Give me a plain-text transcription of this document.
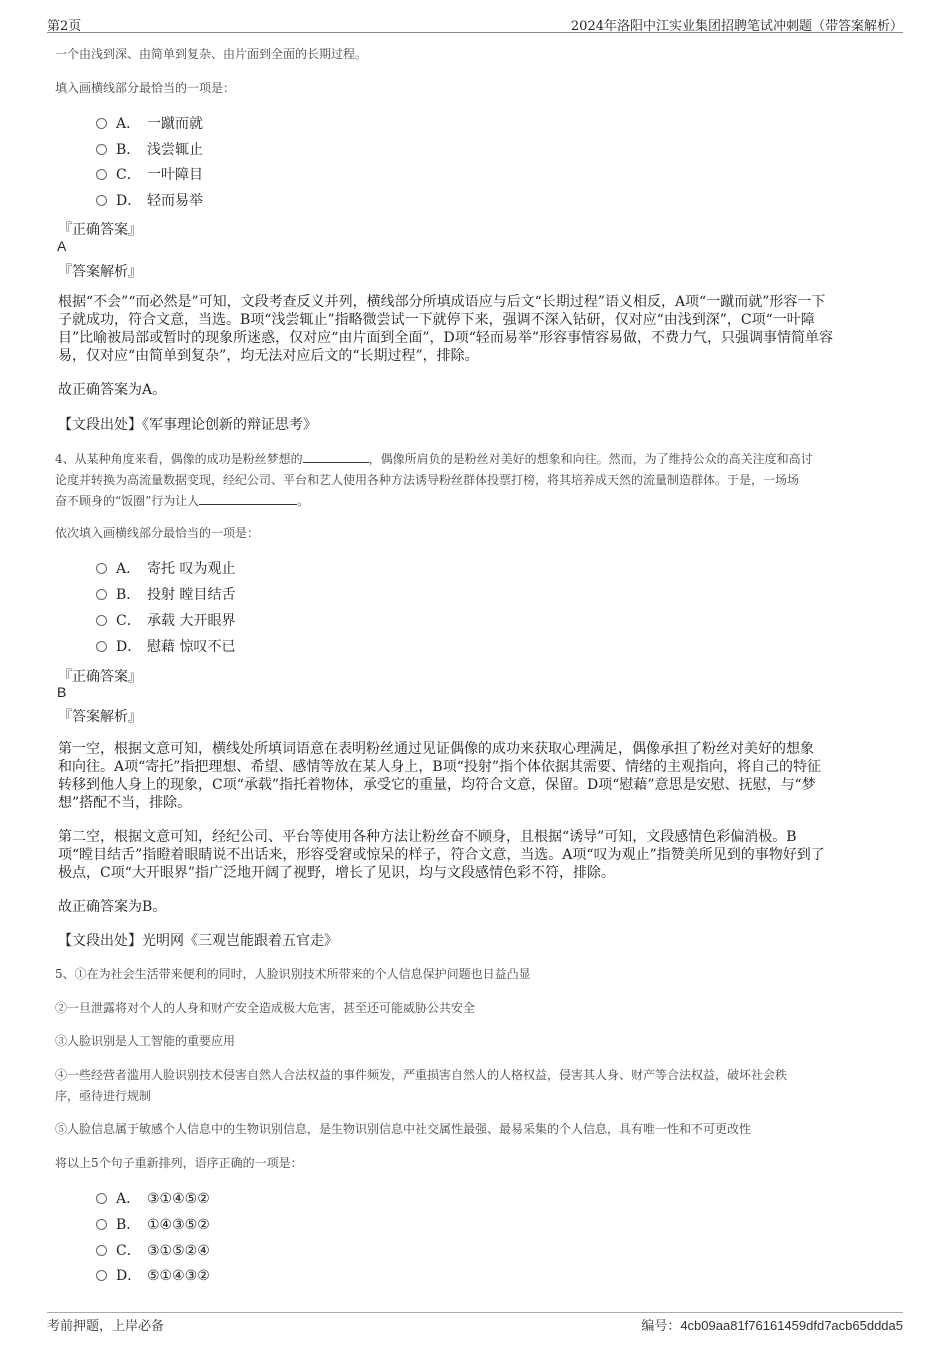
第2页	2024年洛阳中江实业集团招聘笔试冲刺题（带答案解析）
一个由浅到深、由简单到复杂、由片面到全面的长期过程。
填入画横线部分最恰当的一项是：
A． 一蹴而就
B． 浅尝辄止
C． 一叶障目
D． 轻而易举
『正确答案』
A
『答案解析』
根据“不会”“而必然是”可知，文段考查反义并列，横线部分所填成语应与后文“长期过程”语义相反，A项“一蹴而就”形容一下
子就成功，符合文意，当选。B项“浅尝辄止”指略微尝试一下就停下来，强调不深入钻研，仅对应“由浅到深”，C项“一叶障
目”比喻被局部或暂时的现象所迷惑，仅对应“由片面到全面”，D项“轻而易举”形容事情容易做，不费力气，只强调事情简单容
易，仅对应“由简单到复杂”，均无法对应后文的“长期过程”，排除。
故正确答案为A。
【文段出处】《军事理论创新的辩证思考》
4、从某种角度来看，偶像的成功是粉丝梦想的	，偶像所肩负的是粉丝对美好的想象和向往。然而，为了维持公众的高关注度和高讨
论度并转换为高流量数据变现，经纪公司、平台和艺人使用各种方法诱导粉丝群体投票打榜，将其培养成天然的流量制造群体。于是，一场场
奋不顾身的“饭圈”行为让人	。
依次填入画横线部分最恰当的一项是：
A． 寄托 叹为观止
B． 投射 瞠目结舌
C． 承载 大开眼界
D． 慰藉 惊叹不已
『正确答案』
B
『答案解析』
第一空，根据文意可知，横线处所填词语意在表明粉丝通过见证偶像的成功来获取心理满足，偶像承担了粉丝对美好的想象
和向往。A项“寄托”指把理想、希望、感情等放在某人身上，B项“投射”指个体依据其需要、情绪的主观指向，将自己的特征
转移到他人身上的现象，C项“承载”指托着物体，承受它的重量，均符合文意，保留。D项“慰藉”意思是安慰、抚慰，与“梦
想”搭配不当，排除。
第二空，根据文意可知，经纪公司、平台等使用各种方法让粉丝奋不顾身，且根据“诱导”可知，文段感情色彩偏消极。B
项“瞠目结舌”指瞪着眼睛说不出话来，形容受窘或惊呆的样子，符合文意，当选。A项“叹为观止”指赞美所见到的事物好到了
极点，C项“大开眼界”指广泛地开阔了视野，增长了见识，均与文段感情色彩不符，排除。
故正确答案为B。
【文段出处】光明网《三观岂能跟着五官走》
5、①在为社会生活带来便利的同时，人脸识别技术所带来的个人信息保护问题也日益凸显
②一旦泄露将对个人的人身和财产安全造成极大危害，甚至还可能威胁公共安全
③人脸识别是人工智能的重要应用
④一些经营者滥用人脸识别技术侵害自然人合法权益的事件频发，严重损害自然人的人格权益，侵害其人身、财产等合法权益，破坏社会秩
序，亟待进行规制
⑤人脸信息属于敏感个人信息中的生物识别信息，是生物识别信息中社交属性最强、最易采集的个人信息，具有唯一性和不可更改性
将以上5个句子重新排列，语序正确的一项是：
A． ③①④⑤②
B． ①④③⑤②
C． ③①⑤②④
D． ⑤①④③②
考前押题，上岸必备	编号：4cb09aa81f76161459dfd7acb65ddda5
